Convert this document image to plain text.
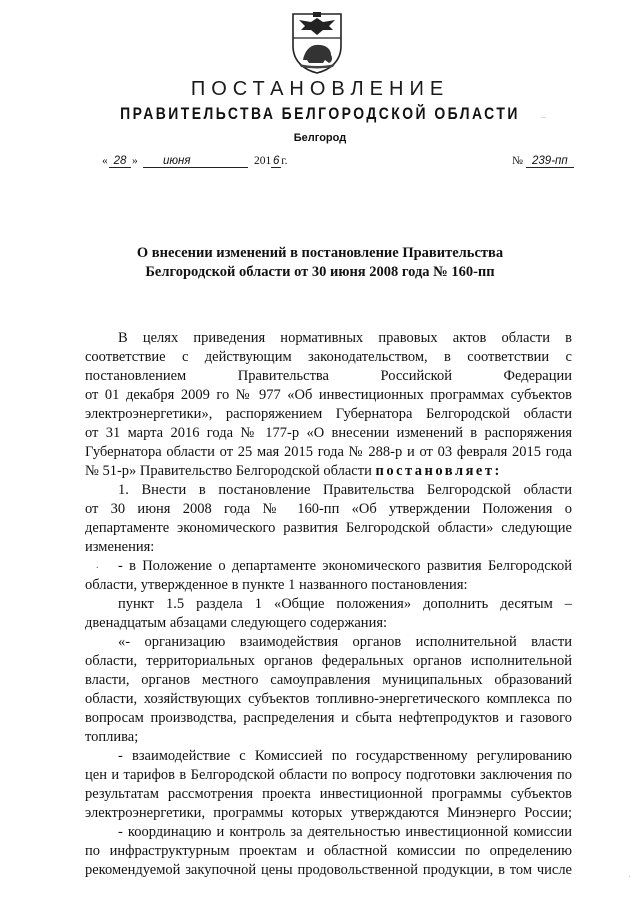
ПОСТАНОВЛЕНИЕ
ПРАВИТЕЛЬСТВА БЕЛГОРОДСКОЙ ОБЛАСТИ
Белгород
« 28 »	июня	201 6 г.	№ 239-пп
О внесении изменений в постановление Правительства
Белгородской области от 30 июня 2008 года № 160-пп
В целях приведения нормативных правовых актов области в
соответствие с действующим законодательством, в соответствии с
постановлением Правительства Российской Федерации
от 01 декабря 2009 го № 977 «Об инвестиционных программах субъектов
электроэнергетики», распоряжением Губернатора Белгородской области
от 31 марта 2016 года № 177-р «О внесении изменений в распоряжения
Губернатора области от 25 мая 2015 года № 288-р и от 03 февраля 2015 года
№ 51-р» Правительство Белгородской области постановляет:
1. Внести в постановление Правительства Белгородской области
от 30 июня 2008 года № 160-пп «Об утверждении Положения о
департаменте экономического развития Белгородской области» следующие
изменения:
- в Положение о департаменте экономического развития Белгородской
области, утвержденное в пункте 1 названного постановления:
пункт 1.5 раздела 1 «Общие положения» дополнить десятым –
двенадцатым абзацами следующего содержания:
«- организацию взаимодействия органов исполнительной власти
области, территориальных органов федеральных органов исполнительной
власти, органов местного самоуправления муниципальных образований
области, хозяйствующих субъектов топливно-энергетического комплекса по
вопросам производства, распределения и сбыта нефтепродуктов и газового
топлива;
- взаимодействие с Комиссией по государственному регулированию
цен и тарифов в Белгородской области по вопросу подготовки заключения по
результатам рассмотрения проекта инвестиционной программы субъектов
электроэнергетики, программы которых утверждаются Минэнерго России;
- координацию и контроль за деятельностью инвестиционной комиссии
по инфраструктурным проектам и областной комиссии по определению
рекомендуемой закупочной цены продовольственной продукции, в том числе
–
.
·
